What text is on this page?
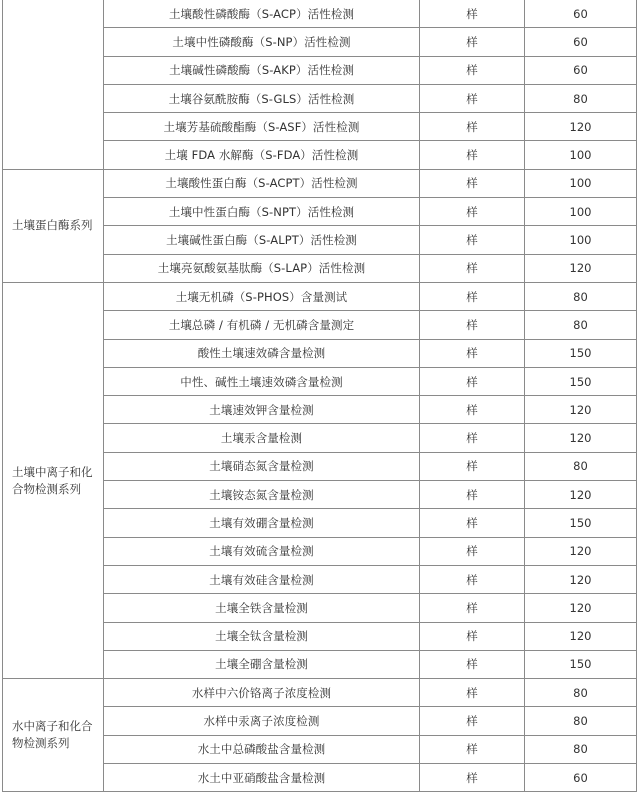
	土壤酸性磷酸酶（S-ACP）活性检测	样	60
	土壤中性磷酸酶（S-NP）活性检测	样	60
	土壤碱性磷酸酶（S-AKP）活性检测	样	60
	土壤谷氨酰胺酶（S-GLS）活性检测	样	80
	土壤芳基硫酸酯酶（S-ASF）活性检测	样	120
	土壤 FDA 水解酶（S-FDA）活性检测	样	100
土壤蛋白酶系列	土壤酸性蛋白酶（S-ACPT）活性检测	样	100
	土壤中性蛋白酶（S-NPT）活性检测	样	100
	土壤碱性蛋白酶（S-ALPT）活性检测	样	100
	土壤亮氨酸氨基肽酶（S-LAP）活性检测	样	120
土壤中离子和化合物检测系列	土壤无机磷（S-PHOS）含量测试	样	80
	土壤总磷 / 有机磷 / 无机磷含量测定	样	80
	酸性土壤速效磷含量检测	样	150
	中性、碱性土壤速效磷含量检测	样	150
	土壤速效钾含量检测	样	120
	土壤汞含量检测	样	120
	土壤硝态氮含量检测	样	80
	土壤铵态氮含量检测	样	120
	土壤有效硼含量检测	样	150
	土壤有效硫含量检测	样	120
	土壤有效硅含量检测	样	120
	土壤全铁含量检测	样	120
	土壤全钛含量检测	样	120
	土壤全硼含量检测	样	150
水中离子和化合物检测系列	水样中六价铬离子浓度检测	样	80
	水样中汞离子浓度检测	样	80
	水土中总磷酸盐含量检测	样	80
	水土中亚硝酸盐含量检测	样	60
